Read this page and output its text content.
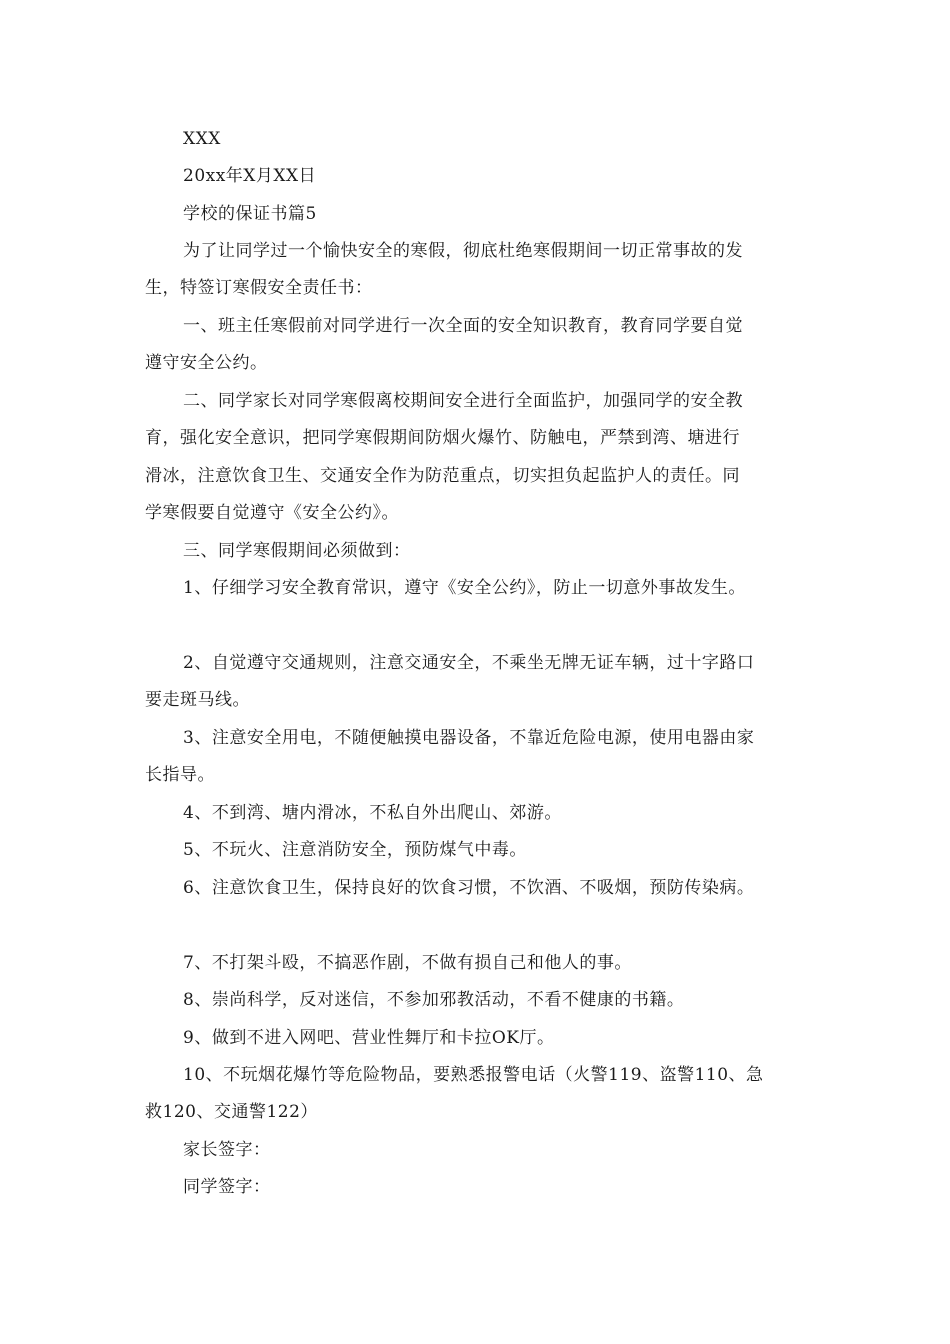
XXX
20xx年X月XX日
学校的保证书篇5
为了让同学过一个愉快安全的寒假，彻底杜绝寒假期间一切正常事故的发
生，特签订寒假安全责任书：
一、班主任寒假前对同学进行一次全面的安全知识教育，教育同学要自觉
遵守安全公约。
二、同学家长对同学寒假离校期间安全进行全面监护，加强同学的安全教
育，强化安全意识，把同学寒假期间防烟火爆竹、防触电，严禁到湾、塘进行
滑冰，注意饮食卫生、交通安全作为防范重点，切实担负起监护人的责任。同
学寒假要自觉遵守《安全公约》。
三、同学寒假期间必须做到：
1、仔细学习安全教育常识，遵守《安全公约》，防止一切意外事故发生。
2、自觉遵守交通规则，注意交通安全，不乘坐无牌无证车辆，过十字路口
要走斑马线。
3、注意安全用电，不随便触摸电器设备，不靠近危险电源，使用电器由家
长指导。
4、不到湾、塘内滑冰，不私自外出爬山、郊游。
5、不玩火、注意消防安全，预防煤气中毒。
6、注意饮食卫生，保持良好的饮食习惯，不饮酒、不吸烟，预防传染病。
7、不打架斗殴，不搞恶作剧，不做有损自己和他人的事。
8、崇尚科学，反对迷信，不参加邪教活动，不看不健康的书籍。
9、做到不进入网吧、营业性舞厅和卡拉OK厅。
10、不玩烟花爆竹等危险物品，要熟悉报警电话（火警119、盗警110、急
救120、交通警122）
家长签字：
同学签字：
